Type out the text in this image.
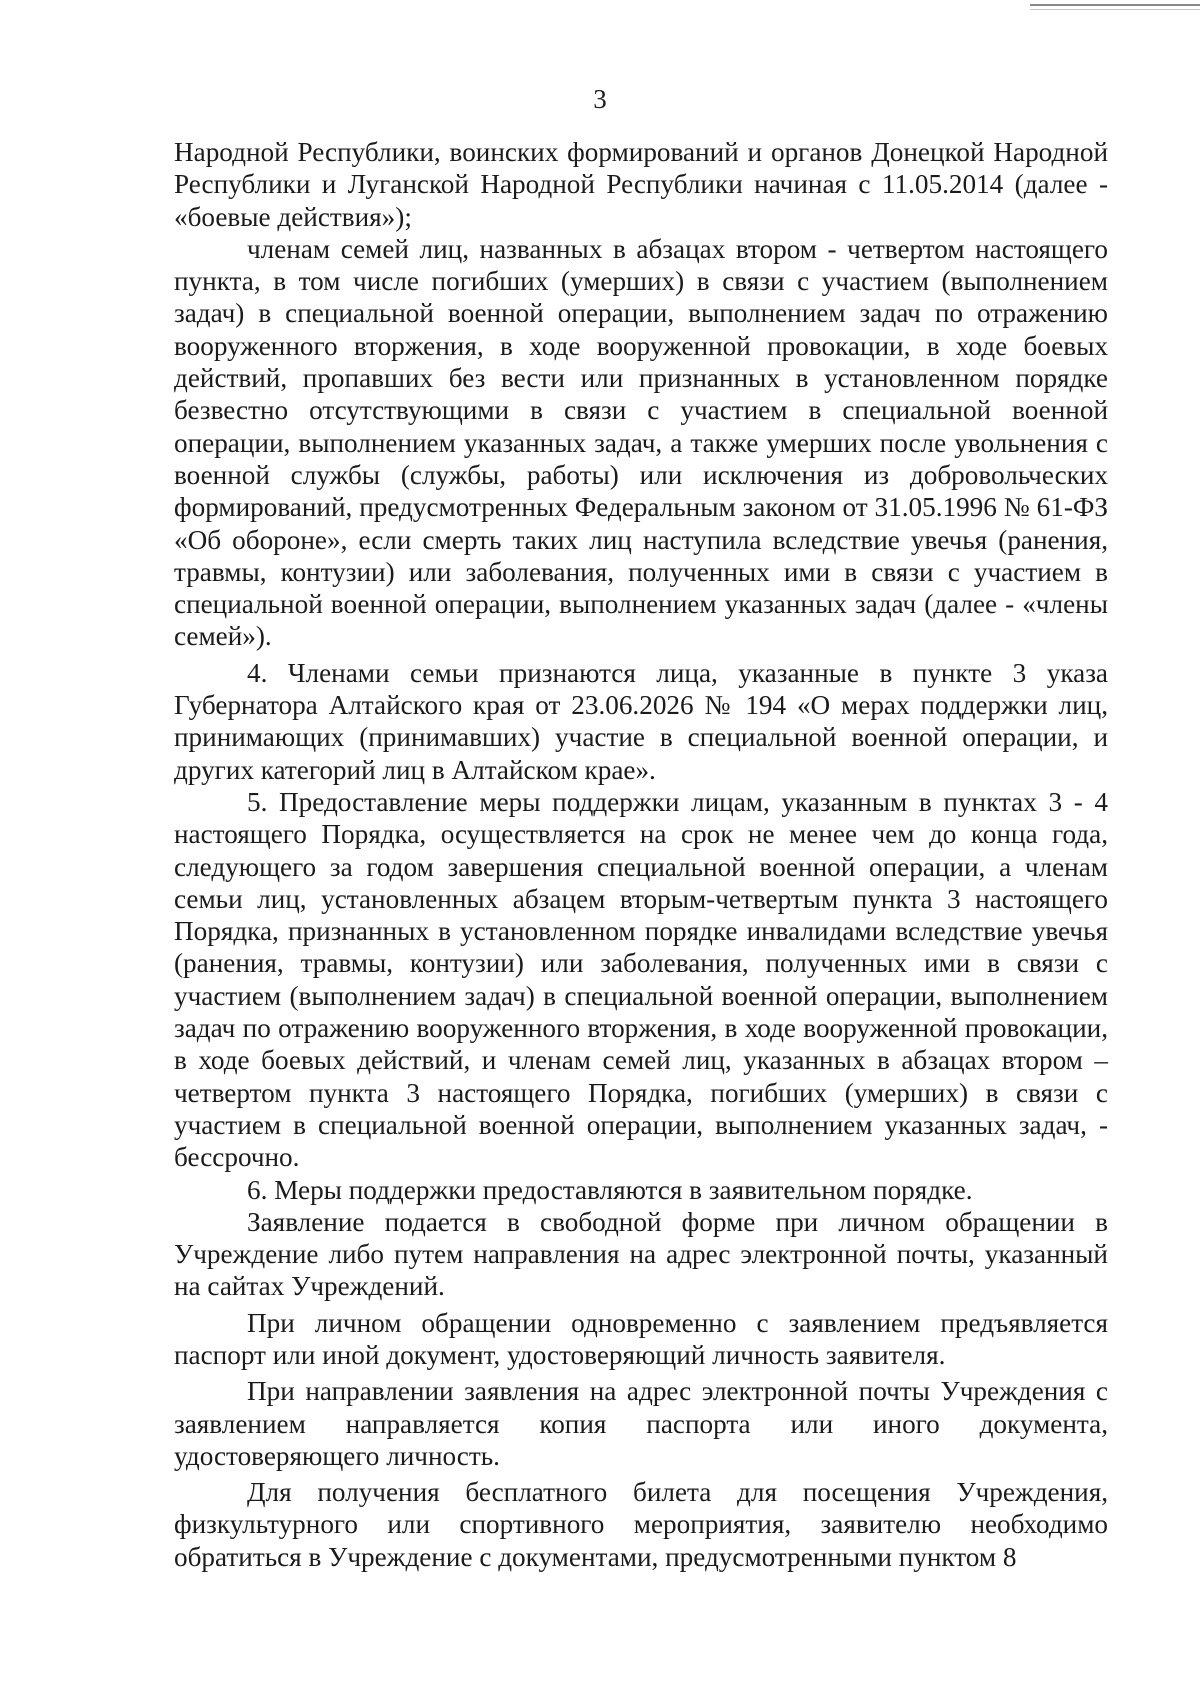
3

Народной Республики, воинских формирований и органов Донецкой Народной Республики и Луганской Народной Республики начиная с 11.05.2014 (далее - «боевые действия»);

членам семей лиц, названных в абзацах втором - четвертом настоящего пункта, в том числе погибших (умерших) в связи с участием (выполнением задач) в специальной военной операции, выполнением задач по отражению вооруженного вторжения, в ходе вооруженной провокации, в ходе боевых действий, пропавших без вести или признанных в установленном порядке безвестно отсутствующими в связи с участием в специальной военной операции, выполнением указанных задач, а также умерших после увольнения с военной службы (службы, работы) или исключения из добровольческих формирований, предусмотренных Федеральным законом от 31.05.1996 № 61-ФЗ «Об обороне», если смерть таких лиц наступила вследствие увечья (ранения, травмы, контузии) или заболевания, полученных ими в связи с участием в специальной военной операции, выполнением указанных задач (далее - «члены семей»).

4. Членами семьи признаются лица, указанные в пункте 3 указа Губернатора Алтайского края от 23.06.2026 № 194 «О мерах поддержки лиц, принимающих (принимавших) участие в специальной военной операции, и других категорий лиц в Алтайском крае».

5. Предоставление меры поддержки лицам, указанным в пунктах 3 - 4 настоящего Порядка, осуществляется на срок не менее чем до конца года, следующего за годом завершения специальной военной операции, а членам семьи лиц, установленных абзацем вторым-четвертым пункта 3 настоящего Порядка, признанных в установленном порядке инвалидами вследствие увечья (ранения, травмы, контузии) или заболевания, полученных ими в связи с участием (выполнением задач) в специальной военной операции, выполнением задач по отражению вооруженного вторжения, в ходе вооруженной провокации, в ходе боевых действий, и членам семей лиц, указанных в абзацах втором – четвертом пункта 3 настоящего Порядка, погибших (умерших) в связи с участием в специальной военной операции, выполнением указанных задач, - бессрочно.

6. Меры поддержки предоставляются в заявительном порядке.

Заявление подается в свободной форме при личном обращении в Учреждение либо путем направления на адрес электронной почты, указанный на сайтах Учреждений.

При личном обращении одновременно с заявлением предъявляется паспорт или иной документ, удостоверяющий личность заявителя.

При направлении заявления на адрес электронной почты Учреждения с заявлением направляется копия паспорта или иного документа, удостоверяющего личность.

Для получения бесплатного билета для посещения Учреждения, физкультурного или спортивного мероприятия, заявителю необходимо обратиться в Учреждение с документами, предусмотренными пунктом 8
